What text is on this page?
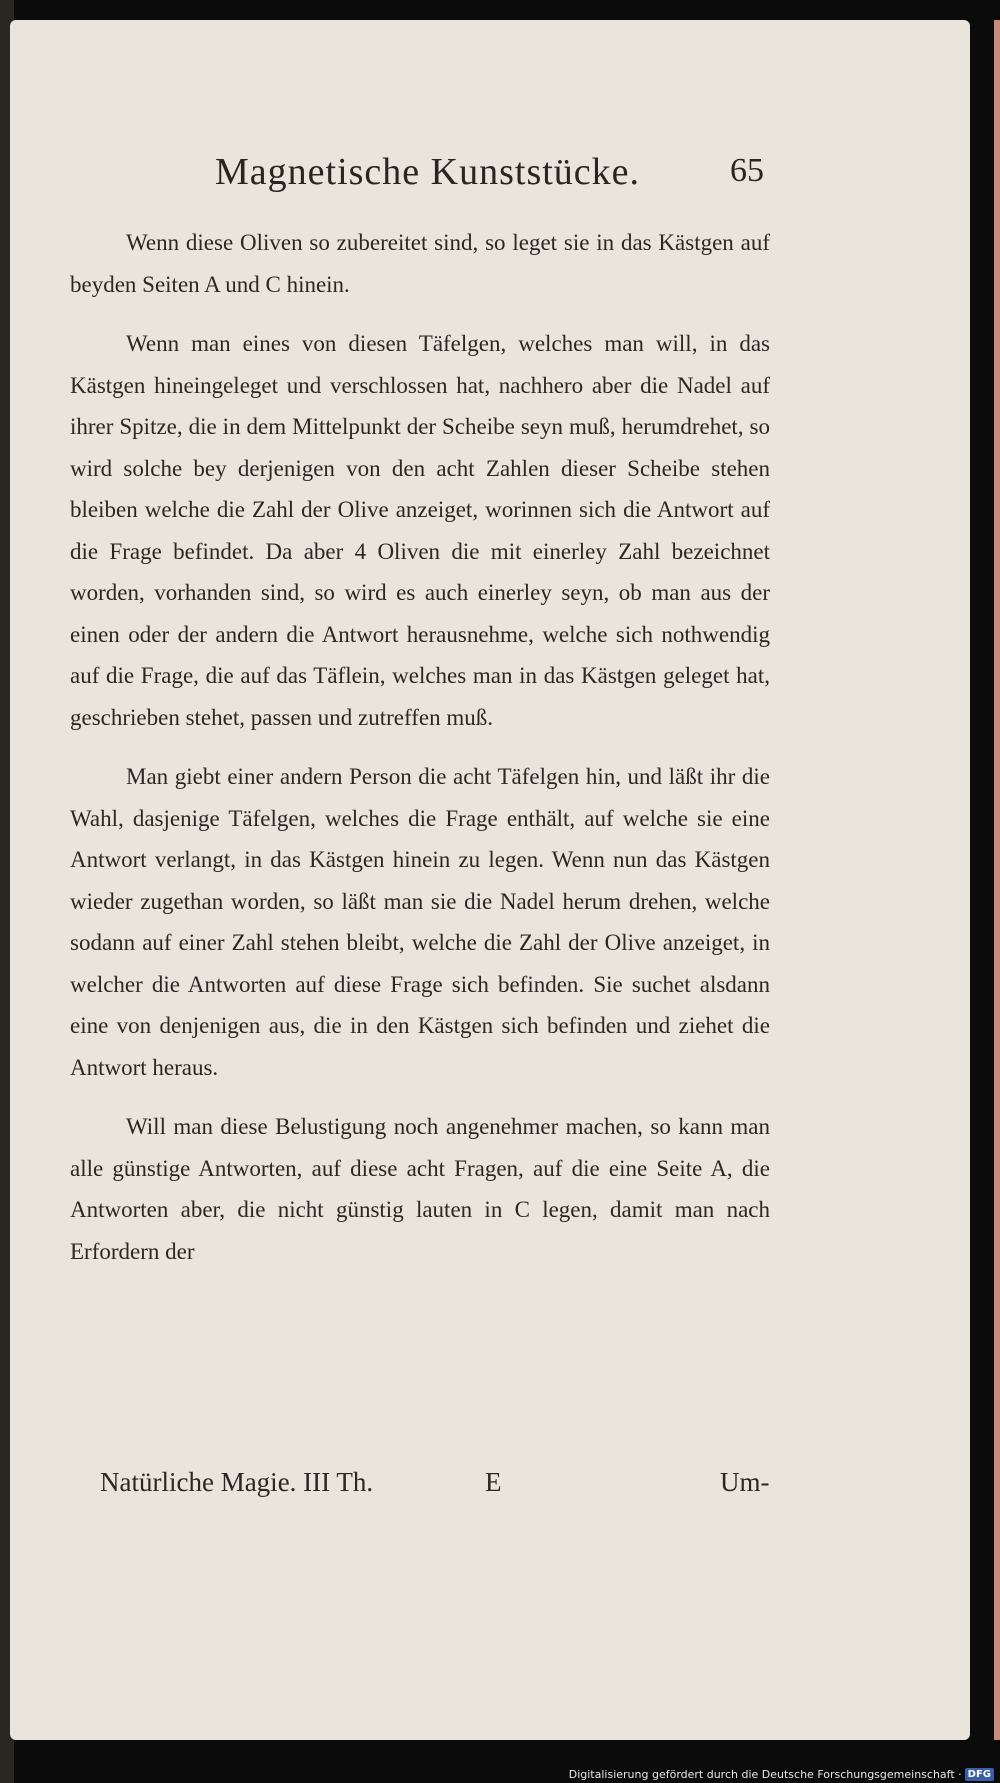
Magnetische Kunststücke.	65

Wenn diese Oliven so zubereitet sind, so leget sie in das Kästgen auf beyden Seiten A und C hinein.

Wenn man eines von diesen Täfelgen, welches man will, in das Kästgen hineingeleget und verschlossen hat, nachhero aber die Nadel auf ihrer Spitze, die in dem Mittelpunkt der Scheibe seyn muß, herumdrehet, so wird solche bey derjenigen von den acht Zahlen dieser Scheibe stehen bleiben welche die Zahl der Olive anzeiget, worinnen sich die Antwort auf die Frage befindet. Da aber 4 Oliven die mit einerley Zahl bezeichnet worden, vorhanden sind, so wird es auch einerley seyn, ob man aus der einen oder der andern die Antwort herausnehme, welche sich nothwendig auf die Frage, die auf das Täflein, welches man in das Kästgen geleget hat, geschrieben stehet, passen und zutreffen muß.

Man giebt einer andern Person die acht Täfelgen hin, und läßt ihr die Wahl, dasjenige Täfelgen, welches die Frage enthält, auf welche sie eine Antwort verlangt, in das Kästgen hinein zu legen. Wenn nun das Kästgen wieder zugethan worden, so läßt man sie die Nadel herum drehen, welche sodann auf einer Zahl stehen bleibt, welche die Zahl der Olive anzeiget, in welcher die Antworten auf diese Frage sich befinden. Sie suchet alsdann eine von denjenigen aus, die in den Kästgen sich befinden und ziehet die Antwort heraus.

Will man diese Belustigung noch angenehmer machen, so kann man alle günstige Antworten, auf diese acht Fragen, auf die eine Seite A, die Antworten aber, die nicht günstig lauten in C legen, damit man nach Erfordern der

Natürliche Magie. III Th.	E	Um-
Digitalisierung gefördert durch die Deutsche Forschungsgemeinschaft · DFG
